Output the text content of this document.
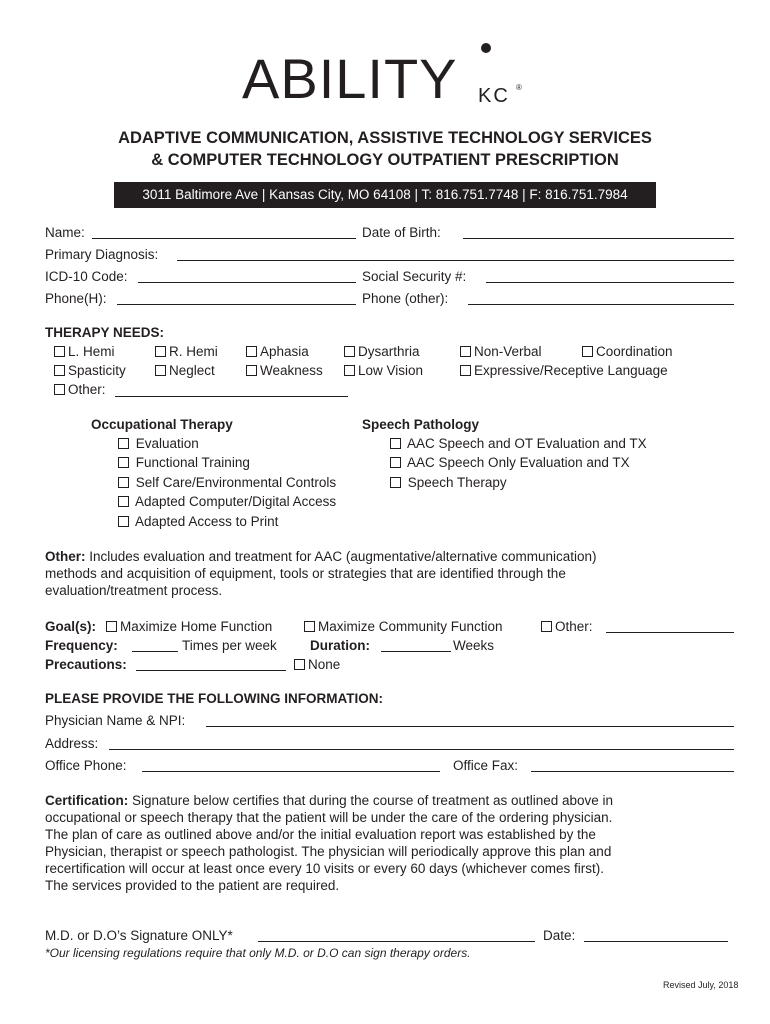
ABILITY KC ®
ADAPTIVE COMMUNICATION, ASSISTIVE TECHNOLOGY SERVICES
& COMPUTER TECHNOLOGY OUTPATIENT PRESCRIPTION
3011 Baltimore Ave | Kansas City, MO 64108 | T: 816.751.7748 | F: 816.751.7984
Name:	Date of Birth:
Primary Diagnosis:
ICD-10 Code:	Social Security #:
Phone(H):	Phone (other):
THERAPY NEEDS:
L. Hemi	R. Hemi	Aphasia	Dysarthria	Non-Verbal	Coordination
Spasticity	Neglect	Weakness	Low Vision	Expressive/Receptive Language
Other:
Occupational Therapy
Evaluation
Functional Training
Self Care/Environmental Controls
Adapted Computer/Digital Access
Adapted Access to Print
Speech Pathology
AAC Speech and OT Evaluation and TX
AAC Speech Only Evaluation and TX
Speech Therapy
Other: Includes evaluation and treatment for AAC (augmentative/alternative communication)
methods and acquisition of equipment, tools or strategies that are identified through the
evaluation/treatment process.
Goal(s):	Maximize Home Function	Maximize Community Function	Other:
Frequency:	Times per week Duration:	Weeks
Precautions:	None
PLEASE PROVIDE THE FOLLOWING INFORMATION:
Physician Name & NPI:
Address:
Office Phone:	Office Fax:
Certification: Signature below certifies that during the course of treatment as outlined above in
occupational or speech therapy that the patient will be under the care of the ordering physician.
The plan of care as outlined above and/or the initial evaluation report was established by the
Physician, therapist or speech pathologist. The physician will periodically approve this plan and
recertification will occur at least once every 10 visits or every 60 days (whichever comes first).
The services provided to the patient are required.
M.D. or D.O’s Signature ONLY*	Date:
*Our licensing regulations require that only M.D. or D.O can sign therapy orders.
Revised July, 2018
